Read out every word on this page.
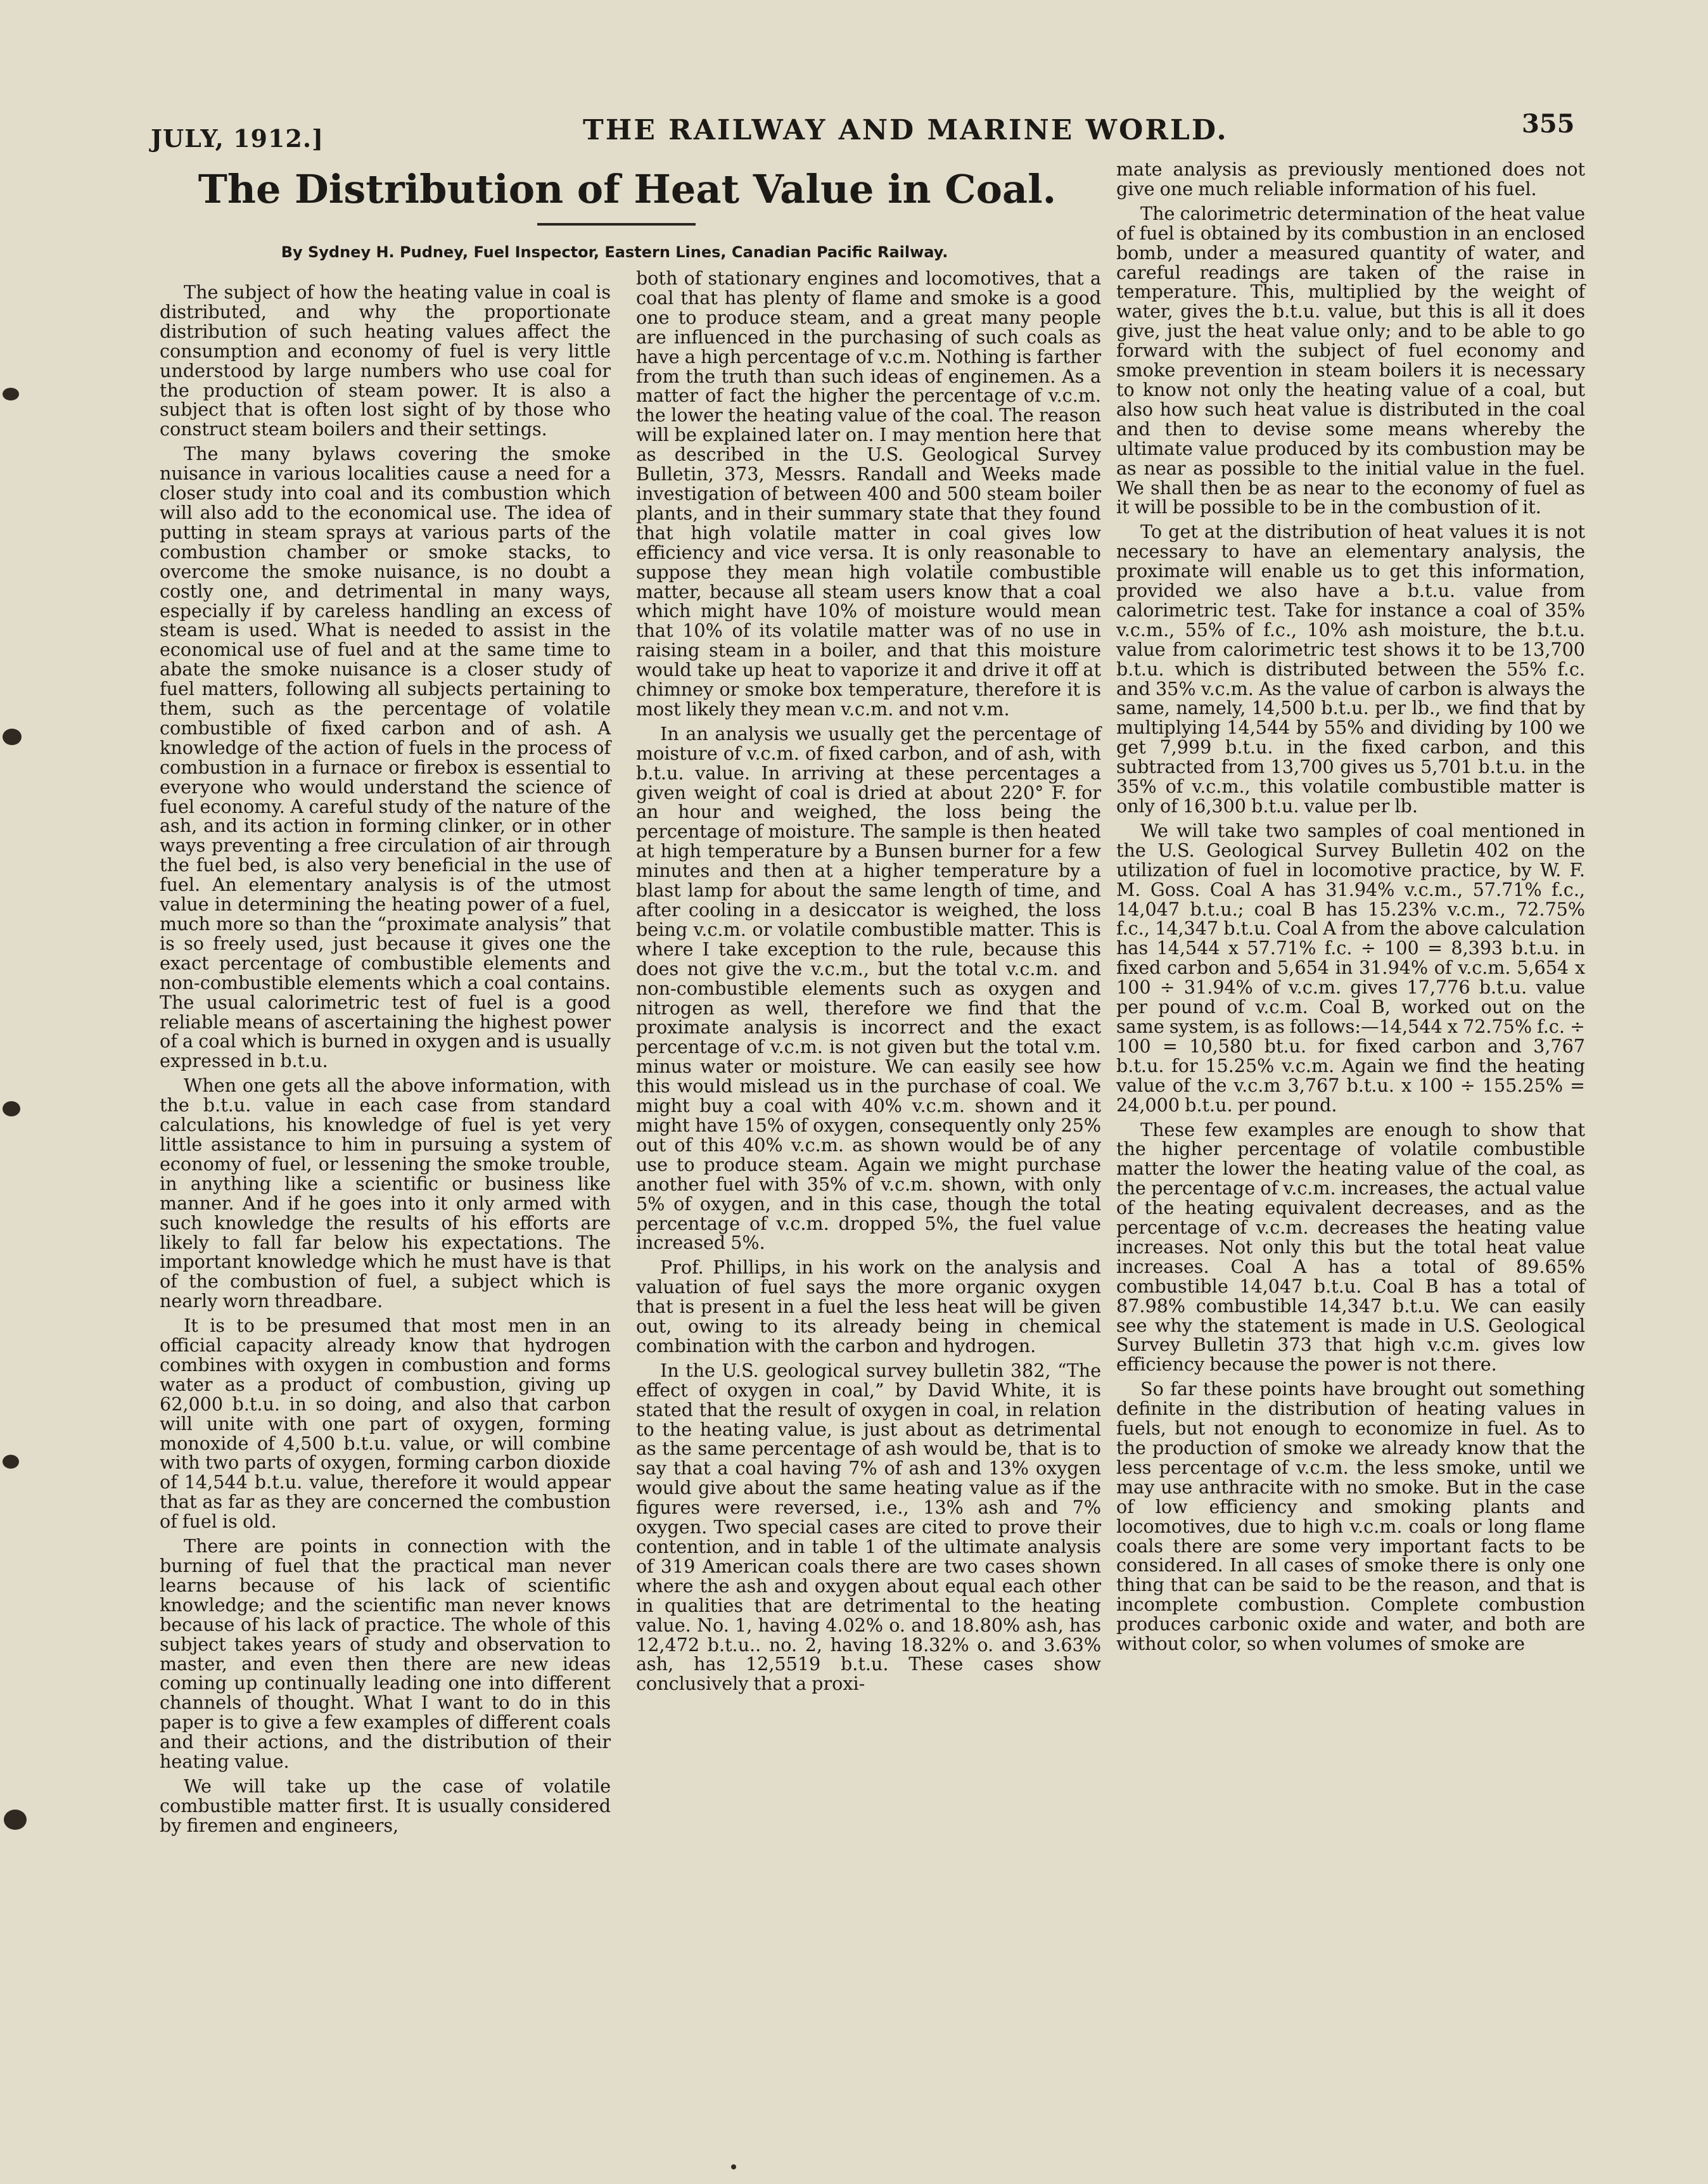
JULY, 1912.]	THE RAILWAY AND MARINE WORLD.	355
The Distribution of Heat Value in Coal.
By Sydney H. Pudney, Fuel Inspector, Eastern Lines, Canadian Pacific Railway.

The subject of how the heating value in coal is distributed, and why the proportionate distribution of such heating values affect the consumption and economy of fuel is very little understood by large numbers who use coal for the production of steam power. It is also a subject that is often lost sight of by those who construct steam boilers and their settings.

The many bylaws covering the smoke nuisance in various localities cause a need for a closer study into coal and its combustion which will also add to the economical use. The idea of putting in steam sprays at various parts of the combustion chamber or smoke stacks, to overcome the smoke nuisance, is no doubt a costly one, and detrimental in many ways, especially if by careless handling an excess of steam is used. What is needed to assist in the economical use of fuel and at the same time to abate the smoke nuisance is a closer study of fuel matters, following all subjects pertaining to them, such as the percentage of volatile combustible of fixed carbon and of ash. A knowledge of the action of fuels in the process of combustion in a furnace or firebox is essential to everyone who would understand the science of fuel economy. A careful study of the nature of the ash, and its action in forming clinker, or in other ways preventing a free circulation of air through the fuel bed, is also very beneficial in the use of fuel. An elementary analysis is of the utmost value in determining the heating power of a fuel, much more so than the “proximate analysis” that is so freely used, just because it gives one the exact percentage of combustible elements and non-combustible elements which a coal contains. The usual calorimetric test of fuel is a good reliable means of ascertaining the highest power of a coal which is burned in oxygen and is usually expressed in b.t.u.

When one gets all the above information, with the b.t.u. value in each case from standard calculations, his knowledge of fuel is yet very little assistance to him in pursuing a system of economy of fuel, or lessening the smoke trouble, in anything like a scientific or business like manner. And if he goes into it only armed with such knowledge the results of his efforts are likely to fall far below his expectations. The important knowledge which he must have is that of the combustion of fuel, a subject which is nearly worn threadbare.

It is to be presumed that most men in an official capacity already know that hydrogen combines with oxygen in combustion and forms water as a product of combustion, giving up 62,000 b.t.u. in so doing, and also that carbon will unite with one part of oxygen, forming monoxide of 4,500 b.t.u. value, or will combine with two parts of oxygen, forming carbon dioxide of 14,544 b.t.u. value, therefore it would appear that as far as they are concerned the combustion of fuel is old.

There are points in connection with the burning of fuel that the practical man never learns because of his lack of scientific knowledge; and the scientific man never knows because of his lack of practice. The whole of this subject takes years of study and observation to master, and even then there are new ideas coming up continually leading one into different channels of thought. What I want to do in this paper is to give a few examples of different coals and their actions, and the distribution of their heating value.

We will take up the case of volatile combustible matter first. It is usually considered by firemen and engineers,

both of stationary engines and locomotives, that a coal that has plenty of flame and smoke is a good one to produce steam, and a great many people are influenced in the purchasing of such coals as have a high percentage of v.c.m. Nothing is farther from the truth than such ideas of enginemen. As a matter of fact the higher the percentage of v.c.m. the lower the heating value of the coal. The reason will be explained later on. I may mention here that as described in the U.S. Geological Survey Bulletin, 373, Messrs. Randall and Weeks made investigation of between 400 and 500 steam boiler plants, and in their summary state that they found that high volatile matter in coal gives low efficiency and vice versa. It is only reasonable to suppose they mean high volatile combustible matter, because all steam users know that a coal which might have 10% of moisture would mean that 10% of its volatile matter was of no use in raising steam in a boiler, and that this moisture would take up heat to vaporize it and drive it off at chimney or smoke box temperature, therefore it is most likely they mean v.c.m. and not v.m.

In an analysis we usually get the percentage of moisture of v.c.m. of fixed carbon, and of ash, with b.t.u. value. In arriving at these percentages a given weight of coal is dried at about 220° F. for an hour and weighed, the loss being the percentage of moisture. The sample is then heated at high temperature by a Bunsen burner for a few minutes and then at a higher temperature by a blast lamp for about the same length of time, and after cooling in a desiccator is weighed, the loss being v.c.m. or volatile combustible matter. This is where I take exception to the rule, because this does not give the v.c.m., but the total v.c.m. and non-combustible elements such as oxygen and nitrogen as well, therefore we find that the proximate analysis is incorrect and the exact percentage of v.c.m. is not given but the total v.m. minus water or moisture. We can easily see how this would mislead us in the purchase of coal. We might buy a coal with 40% v.c.m. shown and it might have 15% of oxygen, consequently only 25% out of this 40% v.c.m. as shown would be of any use to produce steam. Again we might purchase another fuel with 35% of v.c.m. shown, with only 5% of oxygen, and in this case, though the total percentage of v.c.m. dropped 5%, the fuel value increased 5%.

Prof. Phillips, in his work on the analysis and valuation of fuel says the more organic oxygen that is present in a fuel the less heat will be given out, owing to its already being in chemical combination with the carbon and hydrogen.

In the U.S. geological survey bulletin 382, “The effect of oxygen in coal,” by David White, it is stated that the result of oxygen in coal, in relation to the heating value, is just about as detrimental as the same percentage of ash would be, that is to say that a coal having 7% of ash and 13% oxygen would give about the same heating value as if the figures were reversed, i.e., 13% ash and 7% oxygen. Two special cases are cited to prove their contention, and in table 1 of the ultimate analysis of 319 American coals there are two cases shown where the ash and oxygen about equal each other in qualities that are detrimental to the heating value. No. 1, having 4.02% o. and 18.80% ash, has 12,472 b.t.u.. no. 2, having 18.32% o. and 3.63% ash, has 12,5519 b.t.u. These cases show conclusively that a proxi-

mate analysis as previously mentioned does not give one much reliable information of his fuel.

The calorimetric determination of the heat value of fuel is obtained by its combustion in an enclosed bomb, under a measured quantity of water, and careful readings are taken of the raise in temperature. This, multiplied by the weight of water, gives the b.t.u. value, but this is all it does give, just the heat value only; and to be able to go forward with the subject of fuel economy and smoke prevention in steam boilers it is necessary to know not only the heating value of a coal, but also how such heat value is distributed in the coal and then to devise some means whereby the ultimate value produced by its combustion may be as near as possible to the initial value in the fuel. We shall then be as near to the economy of fuel as it will be possible to be in the combustion of it.

To get at the distribution of heat values it is not necessary to have an elementary analysis, the proximate will enable us to get this information, provided we also have a b.t.u. value from calorimetric test. Take for instance a coal of 35% v.c.m., 55% of f.c., 10% ash moisture, the b.t.u. value from calorimetric test shows it to be 13,700 b.t.u. which is distributed between the 55% f.c. and 35% v.c.m. As the value of carbon is always the same, namely, 14,500 b.t.u. per lb., we find that by multiplying 14,544 by 55% and dividing by 100 we get 7,999 b.t.u. in the fixed carbon, and this subtracted from 13,700 gives us 5,701 b.t.u. in the 35% of v.c.m., this volatile combustible matter is only of 16,300 b.t.u. value per lb.

We will take two samples of coal mentioned in the U.S. Geological Survey Bulletin 402 on the utilization of fuel in locomotive practice, by W. F. M. Goss. Coal A has 31.94% v.c.m., 57.71% f.c., 14,047 b.t.u.; coal B has 15.23% v.c.m., 72.75% f.c., 14,347 b.t.u. Coal A from the above calculation has 14,544 x 57.71% f.c. ÷ 100 = 8,393 b.t.u. in fixed carbon and 5,654 in 31.94% of v.c.m. 5,654 x 100 ÷ 31.94% of v.c.m. gives 17,776 b.t.u. value per pound of v.c.m. Coal B, worked out on the same system, is as follows:—14,544 x 72.75% f.c. ÷ 100 = 10,580 bt.u. for fixed carbon and 3,767 b.t.u. for 15.25% v.c.m. Again we find the heating value of the v.c.m 3,767 b.t.u. x 100 ÷ 155.25% = 24,000 b.t.u. per pound.

These few examples are enough to show that the higher percentage of volatile combustible matter the lower the heating value of the coal, as the percentage of v.c.m. increases, the actual value of the heating equivalent decreases, and as the percentage of v.c.m. decreases the heating value increases. Not only this but the total heat value increases. Coal A has a total of 89.65% combustible 14,047 b.t.u. Coal B has a total of 87.98% combustible 14,347 b.t.u. We can easily see why the statement is made in U.S. Geological Survey Bulletin 373 that high v.c.m. gives low efficiency because the power is not there.

So far these points have brought out something definite in the distribution of heating values in fuels, but not enough to economize in fuel. As to the production of smoke we already know that the less percentage of v.c.m. the less smoke, until we may use anthracite with no smoke. But in the case of low efficiency and smoking plants and locomotives, due to high v.c.m. coals or long flame coals there are some very important facts to be considered. In all cases of smoke there is only one thing that can be said to be the reason, and that is incomplete combustion. Complete combustion produces carbonic oxide and water, and both are without color, so when volumes of smoke are
